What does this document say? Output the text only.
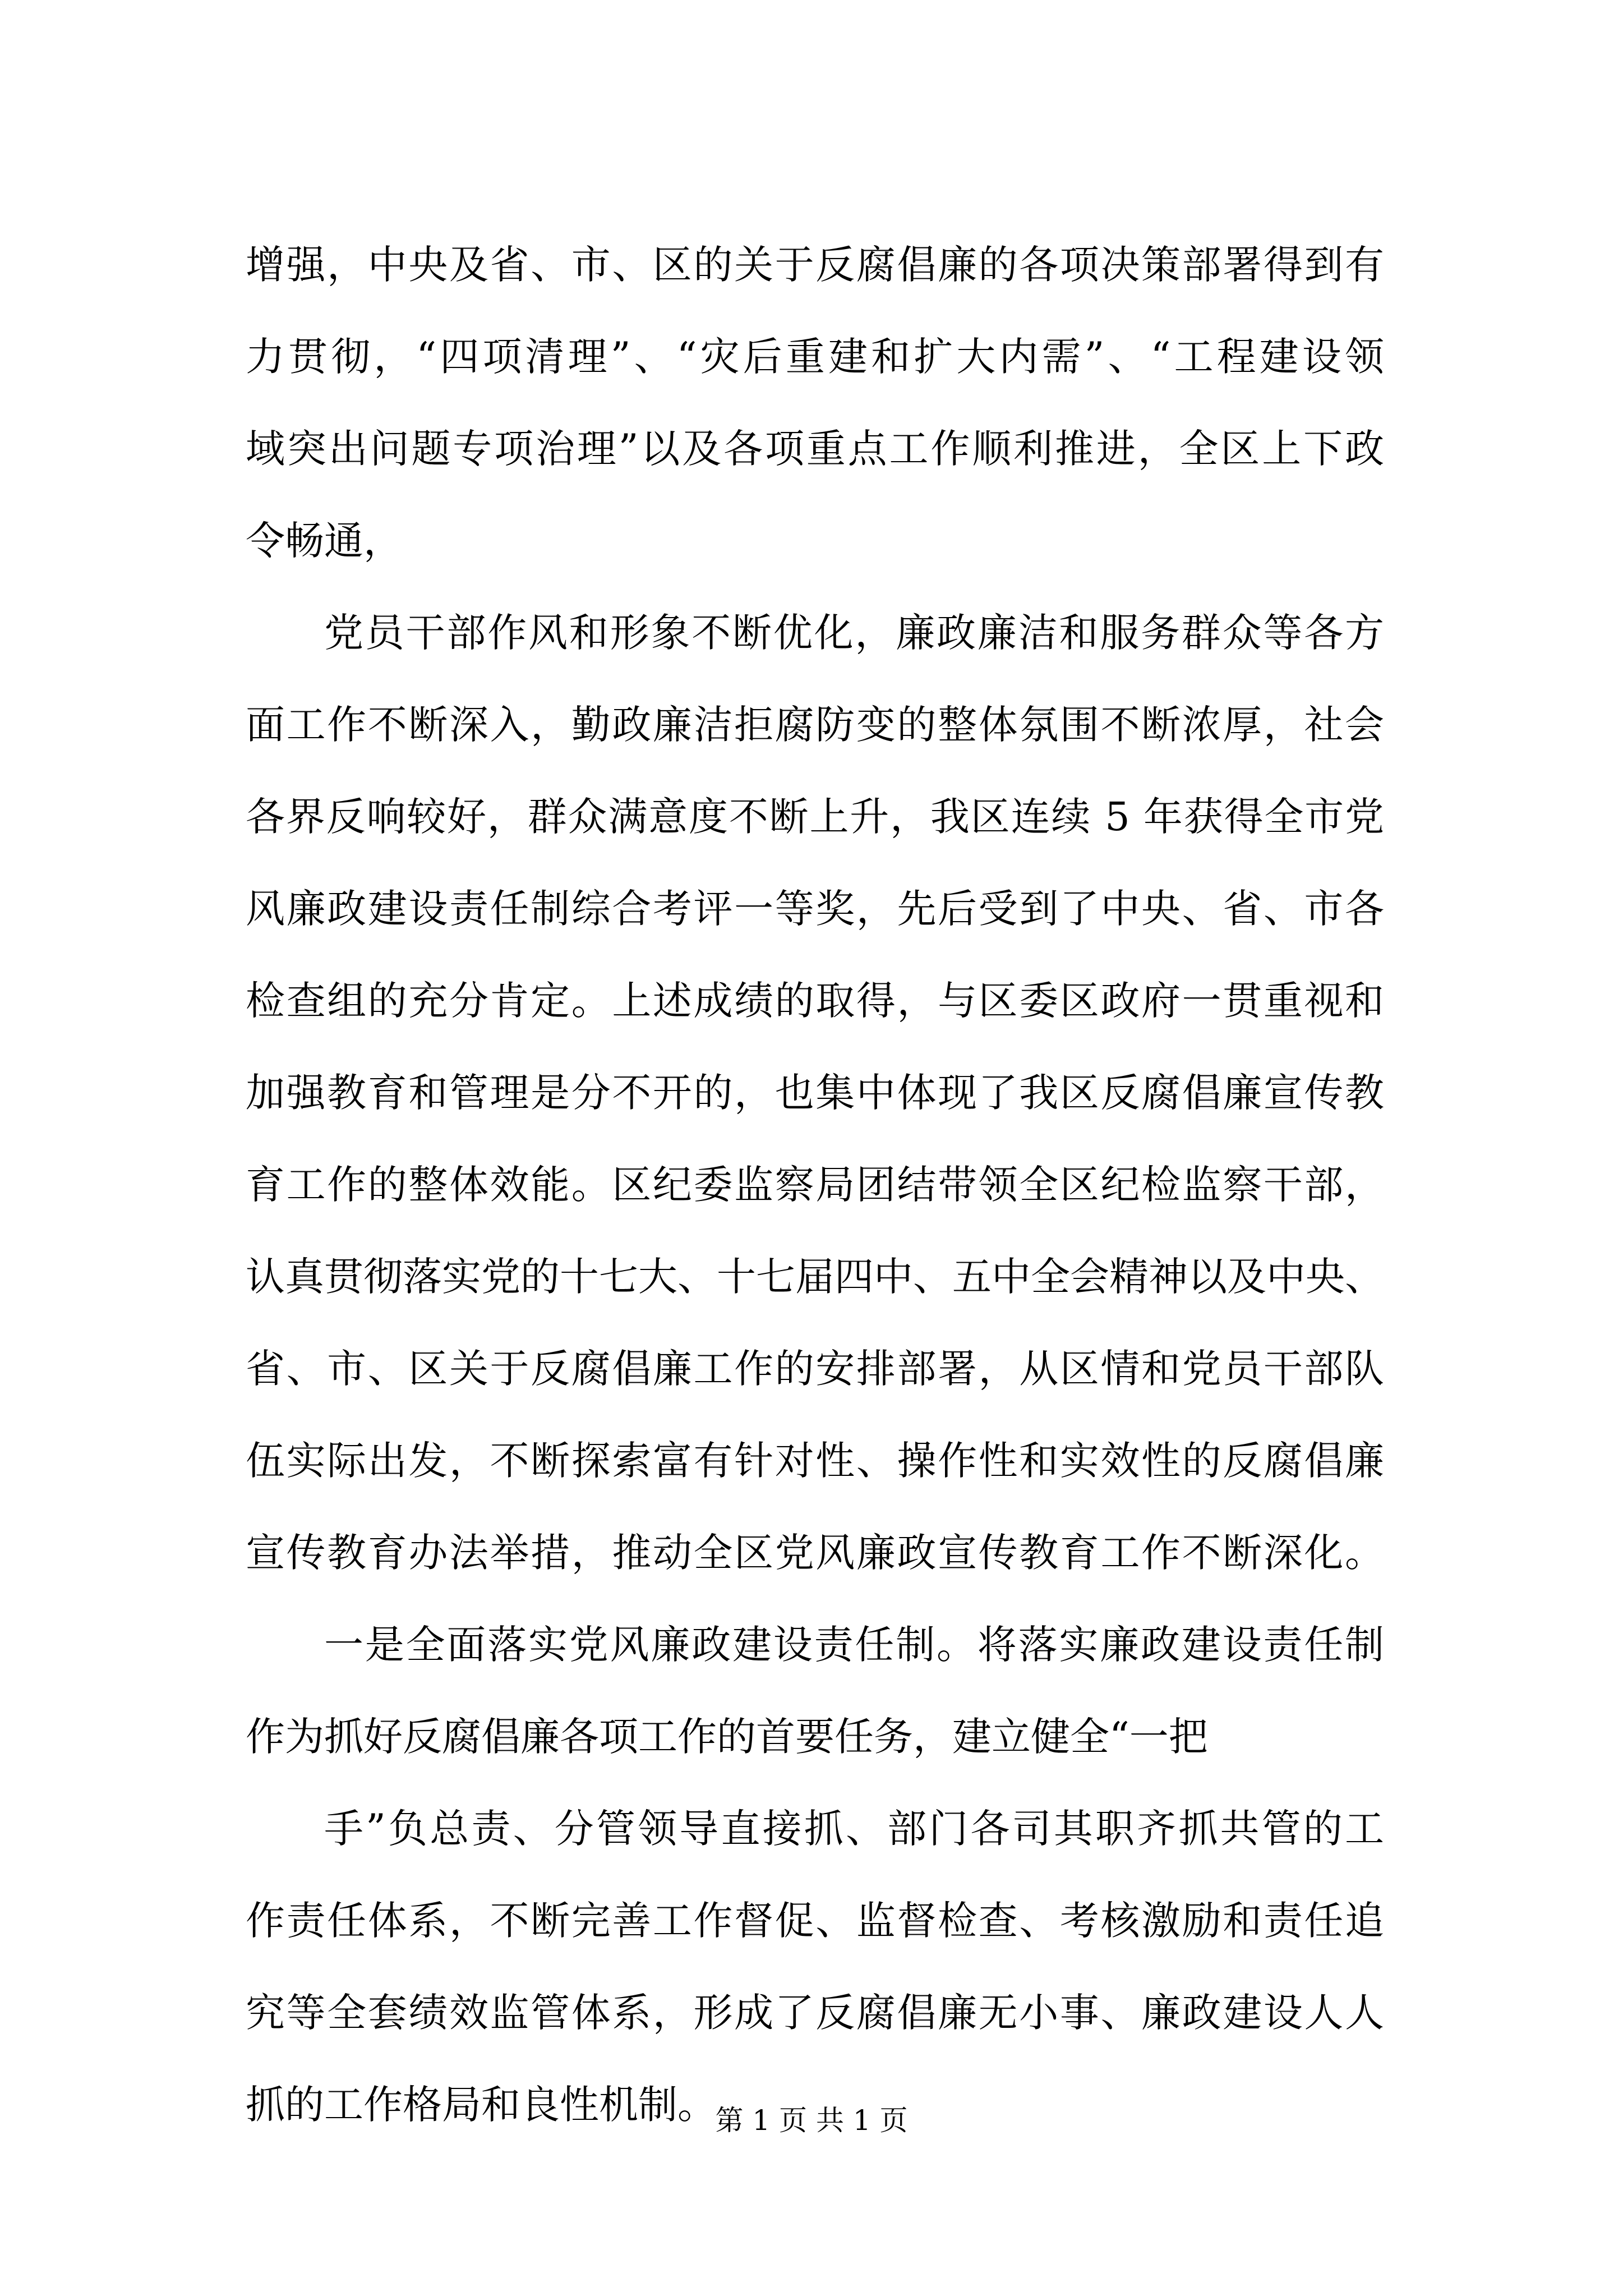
增强，中央及省、市、区的关于反腐倡廉的各项决策部署得到有
力贯彻，“四项清理”、“灾后重建和扩大内需”、“工程建设领
域突出问题专项治理”以及各项重点工作顺利推进，全区上下政
令畅通，
党员干部作风和形象不断优化，廉政廉洁和服务群众等各方
面工作不断深入，勤政廉洁拒腐防变的整体氛围不断浓厚，社会
各界反响较好，群众满意度不断上升，我区连续 5 年获得全市党
风廉政建设责任制综合考评一等奖，先后受到了中央、省、市各
检查组的充分肯定。上述成绩的取得，与区委区政府一贯重视和
加强教育和管理是分不开的，也集中体现了我区反腐倡廉宣传教
育工作的整体效能。区纪委监察局团结带领全区纪检监察干部，
认真贯彻落实党的十七大、十七届四中、五中全会精神以及中央、
省、市、区关于反腐倡廉工作的安排部署，从区情和党员干部队
伍实际出发，不断探索富有针对性、操作性和实效性的反腐倡廉
宣传教育办法举措，推动全区党风廉政宣传教育工作不断深化。
一是全面落实党风廉政建设责任制。将落实廉政建设责任制
作为抓好反腐倡廉各项工作的首要任务，建立健全“一把
手”负总责、分管领导直接抓、部门各司其职齐抓共管的工
作责任体系，不断完善工作督促、监督检查、考核激励和责任追
究等全套绩效监管体系，形成了反腐倡廉无小事、廉政建设人人
抓的工作格局和良性机制。
第 1 页 共 1 页
